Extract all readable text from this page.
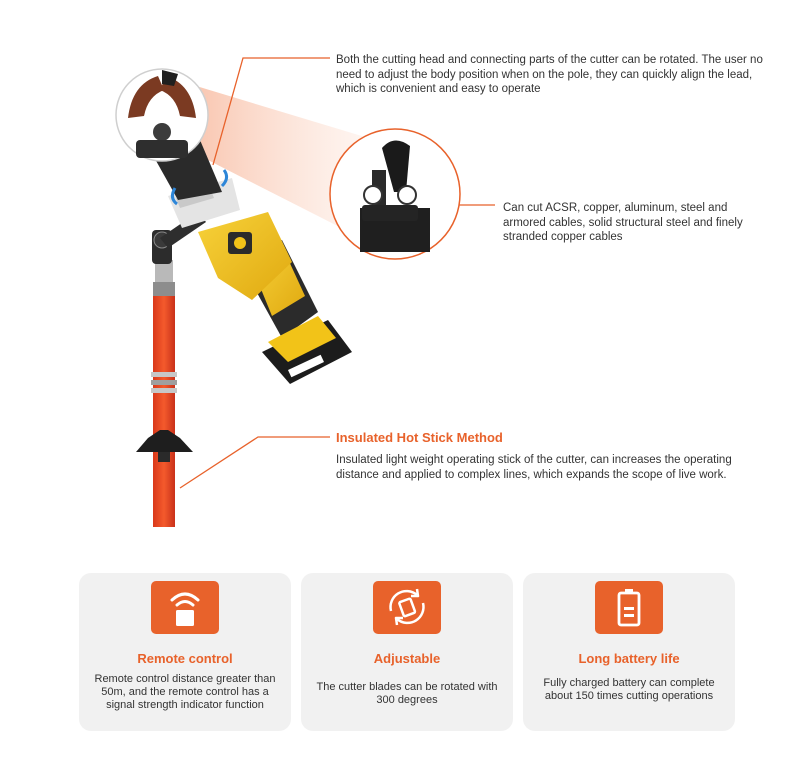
Both the cutting head and connecting parts of the cutter can be rotated. The user no need to adjust the body position when on the pole, they can quickly align the lead, which is convenient and easy to operate
Can cut ACSR, copper, aluminum, steel and armored cables, solid structural steel and finely stranded copper cables
Insulated Hot Stick Method
Insulated light weight operating stick of the cutter, can increases the operating distance and applied to complex lines, which expands the scope of live work.
Remote control
Remote control distance greater than 50m, and the remote control has a signal strength indicator function
Adjustable
The cutter blades can be rotated with 300 degrees
Long battery life
Fully charged battery can complete about 150 times cutting operations
